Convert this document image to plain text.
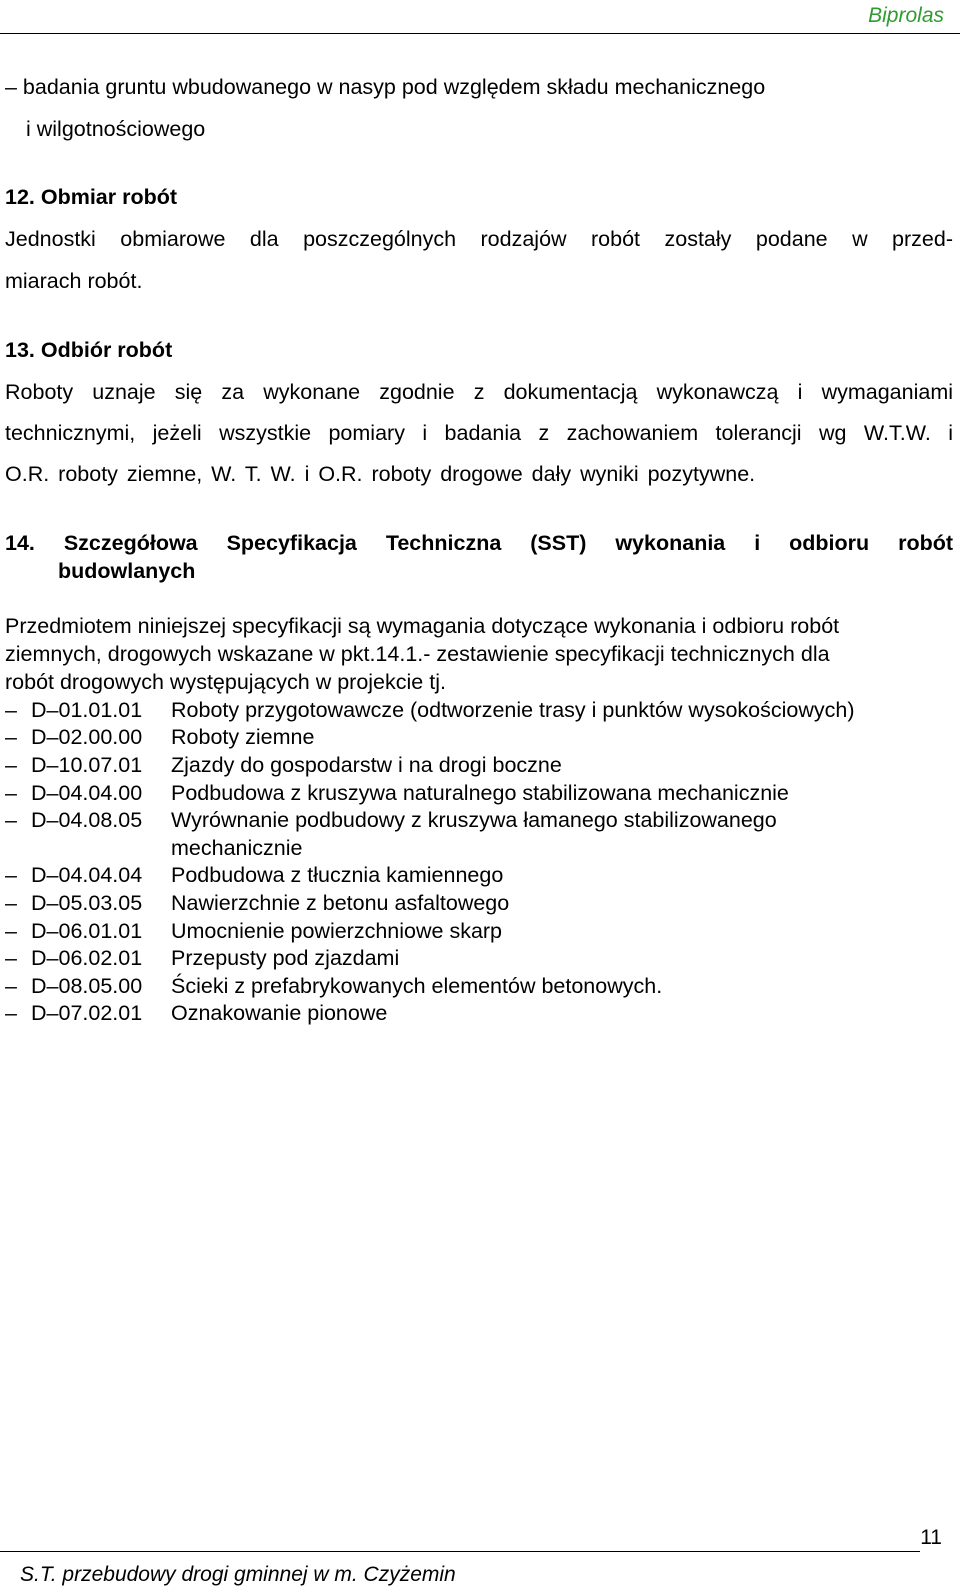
Biprolas
– badania gruntu wbudowanego w nasyp pod względem składu mechanicznego
i wilgotnościowego
12. Obmiar robót
Jednostki obmiarowe dla poszczególnych rodzajów robót zostały podane w przed-
miarach robót.
13. Odbiór robót
Roboty uznaje się za wykonane zgodnie z dokumentacją wykonawczą i wymaganiami
technicznymi, jeżeli wszystkie pomiary i badania z zachowaniem tolerancji wg W.T.W. i
O.R. roboty ziemne, W. T. W. i O.R. roboty drogowe dały wyniki pozytywne.
14. Szczegółowa Specyfikacja Techniczna (SST) wykonania i odbioru robót
budowlanych
Przedmiotem niniejszej specyfikacji są wymagania dotyczące wykonania i odbioru robót
ziemnych, drogowych wskazane w pkt.14.1.- zestawienie specyfikacji technicznych dla
robót drogowych występujących w projekcie tj.
– D–01.01.01 Roboty przygotowawcze (odtworzenie trasy i punktów wysokościowych)
– D–02.00.00 Roboty ziemne
– D–10.07.01 Zjazdy do gospodarstw i na drogi boczne
– D–04.04.00 Podbudowa z kruszywa naturalnego stabilizowana mechanicznie
– D–04.08.05 Wyrównanie podbudowy z kruszywa łamanego stabilizowanego
mechanicznie
– D–04.04.04 Podbudowa z tłucznia kamiennego
– D–05.03.05 Nawierzchnie z betonu asfaltowego
– D–06.01.01 Umocnienie powierzchniowe skarp
– D–06.02.01 Przepusty pod zjazdami
– D–08.05.00 Ścieki z prefabrykowanych elementów betonowych.
– D–07.02.01 Oznakowanie pionowe
11
S.T. przebudowy drogi gminnej w m. Czyżemin
